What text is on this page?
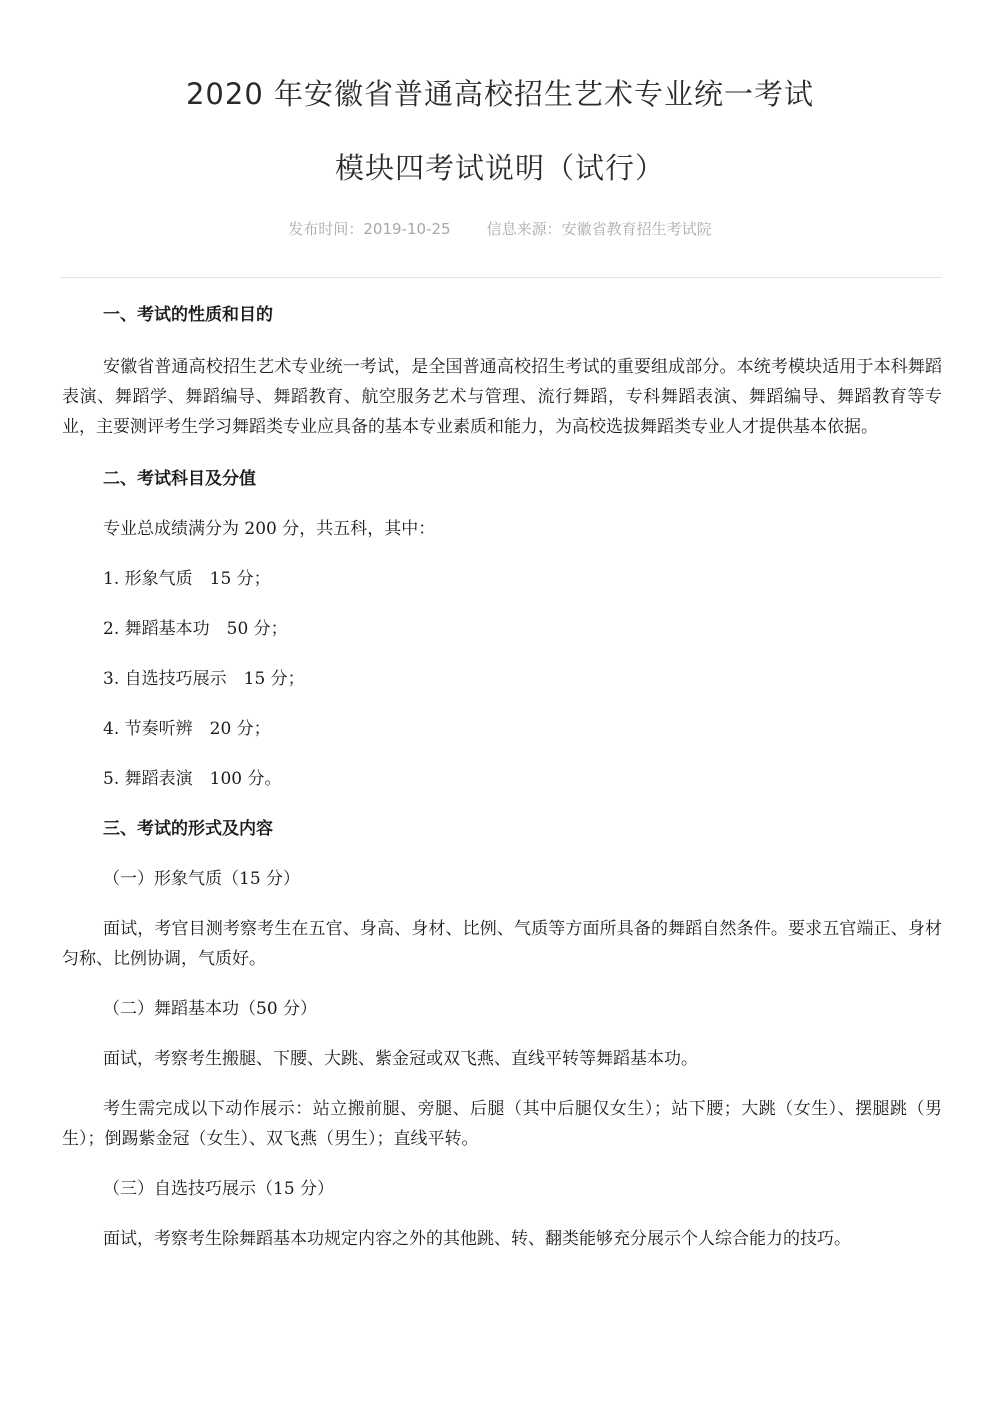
2020 年安徽省普通高校招生艺术专业统一考试
模块四考试说明（试行）
发布时间：2019-10-25 信息来源：安徽省教育招生考试院

一、考试的性质和目的

安徽省普通高校招生艺术专业统一考试，是全国普通高校招生考试的重要组成部分。本统考模块适用于本科舞蹈表演、舞蹈学、舞蹈编导、舞蹈教育、航空服务艺术与管理、流行舞蹈，专科舞蹈表演、舞蹈编导、舞蹈教育等专业，主要测评考生学习舞蹈类专业应具备的基本专业素质和能力，为高校选拔舞蹈类专业人才提供基本依据。

二、考试科目及分值

专业总成绩满分为 200 分，共五科，其中：

1. 形象气质　15 分；

2. 舞蹈基本功　50 分；

3. 自选技巧展示　15 分；

4. 节奏听辨　20 分；

5. 舞蹈表演　100 分。

三、考试的形式及内容

（一）形象气质（15 分）

面试，考官目测考察考生在五官、身高、身材、比例、气质等方面所具备的舞蹈自然条件。要求五官端正、身材匀称、比例协调，气质好。

（二）舞蹈基本功（50 分）

面试，考察考生搬腿、下腰、大跳、紫金冠或双飞燕、直线平转等舞蹈基本功。

考生需完成以下动作展示：站立搬前腿、旁腿、后腿（其中后腿仅女生）；站下腰；大跳（女生）、摆腿跳（男生）；倒踢紫金冠（女生）、双飞燕（男生）；直线平转。

（三）自选技巧展示（15 分）

面试，考察考生除舞蹈基本功规定内容之外的其他跳、转、翻类能够充分展示个人综合能力的技巧。
